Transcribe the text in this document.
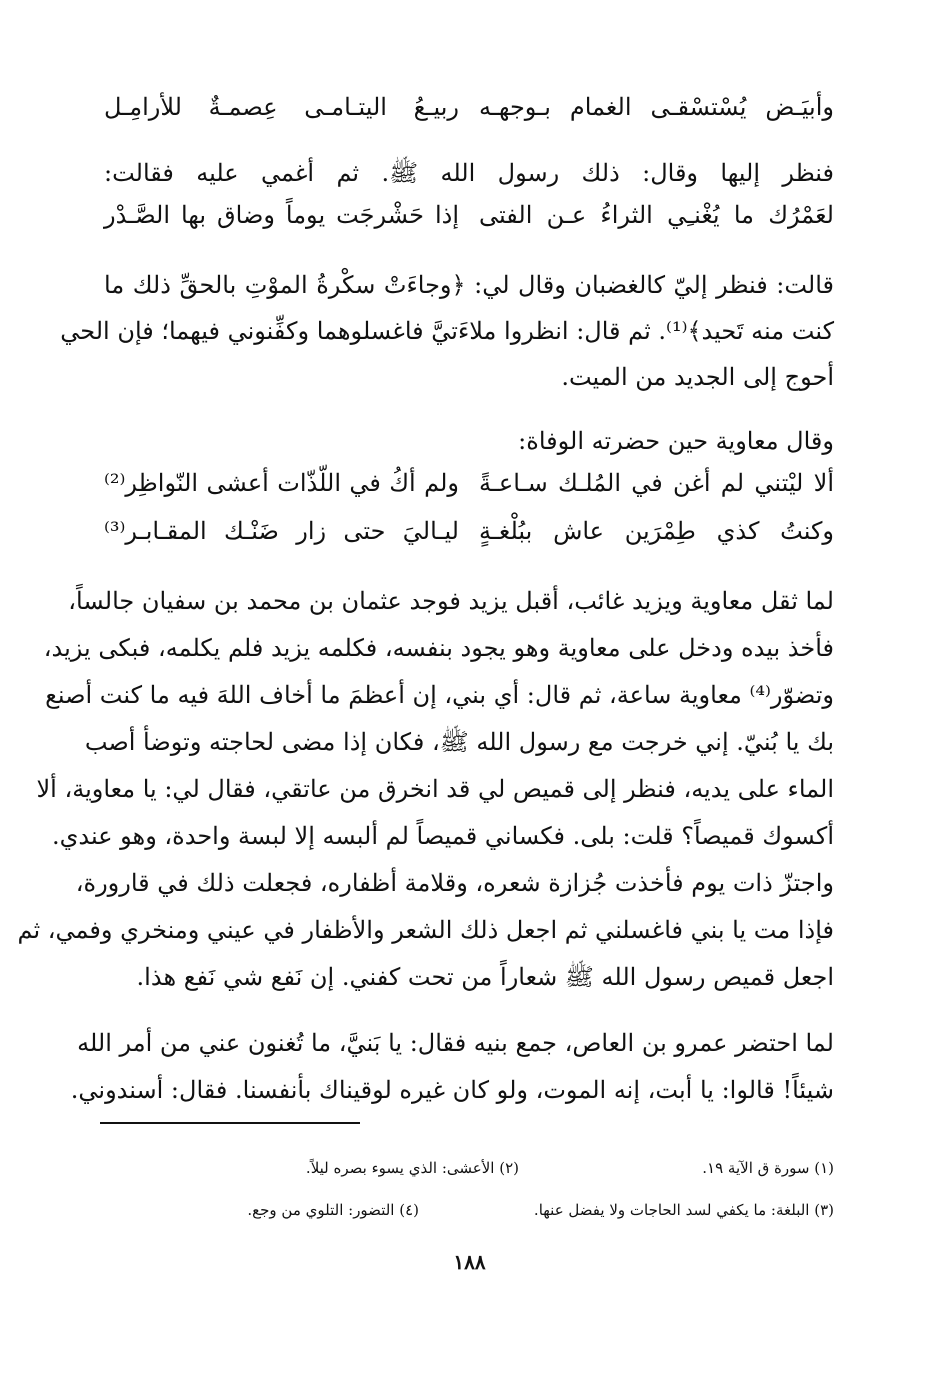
وأبيَـض يُسْتسْقـى الغمام بـوجهـه
ربيـعُ اليتـامـى عِصمـةٌ للأرامِـل
فنظر إليها وقال: ذلك رسول الله ﷺ. ثم أغمي عليه فقالت:
لعَمْرُك ما يُغْنـِي الثراءُ عـن الفتى
إذا حَشْرجَت يوماً وضاق بها الصَّـدْر
قالت: فنظر إليّ كالغضبان وقال لي: ﴿وجاءَتْ سكْرةُ الموْتِ بالحقِّ ذلك ما
كنت منه تَحيد﴾⁽¹⁾. ثم قال: انظروا ملاءَتيَّ فاغسلوهما وكفِّنوني فيهما؛ فإن الحي
أحوج إلى الجديد من الميت.
وقال معاوية حين حضرته الوفاة:
ألا ليْتني لم أغن في المُلـك سـاعـةً
ولم أكُ في اللّذّات أعشى النّواظِر⁽²⁾
وكنتُ كذي طِمْرَين عاش ببُلْغـةٍ
ليـاليَ حتى زار ضَنْـك المقـابـر⁽³⁾
لما ثقل معاوية ويزيد غائب، أقبل يزيد فوجد عثمان بن محمد بن سفيان جالساً،
فأخذ بيده ودخل على معاوية وهو يجود بنفسه، فكلمه يزيد فلم يكلمه، فبكى يزيد،
وتضوّر⁽⁴⁾ معاوية ساعة، ثم قال: أي بني، إن أعظمَ ما أخاف اللهَ فيه ما كنت أصنع
بك يا بُنيّ. إني خرجت مع رسول الله ﷺ، فكان إذا مضى لحاجته وتوضأ أصب
الماء على يديه، فنظر إلى قميص لي قد انخرق من عاتقي، فقال لي: يا معاوية، ألا
أكسوك قميصاً؟ قلت: بلى. فكساني قميصاً لم ألبسه إلا لبسة واحدة، وهو عندي.
واجتزّ ذات يوم فأخذت جُزازة شعره، وقلامة أظفاره، فجعلت ذلك في قارورة،
فإذا مت يا بني فاغسلني ثم اجعل ذلك الشعر والأظفار في عيني ومنخري وفمي، ثم
اجعل قميص رسول الله ﷺ شعاراً من تحت كفني. إن نَفع شي نَفع هذا.
لما احتضر عمرو بن العاص، جمع بنيه فقال: يا بَنيَّ، ما تُغنون عني من أمر الله
شيئاً! قالوا: يا أبت، إنه الموت، ولو كان غيره لوقيناك بأنفسنا. فقال: أسندوني.
(١) سورة ق الآية ١٩.
(٢) الأعشى: الذي يسوء بصره ليلاً.
(٣) البلغة: ما يكفي لسد الحاجات ولا يفضل عنها.
(٤) التضور: التلوي من وجع.
١٨٨
